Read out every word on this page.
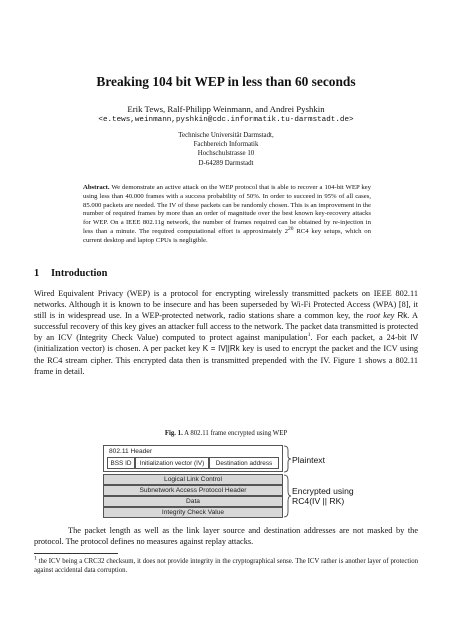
Breaking 104 bit WEP in less than 60 seconds
Erik Tews, Ralf-Philipp Weinmann, and Andrei Pyshkin
<e.tews,weinmann,pyshkin@cdc.informatik.tu-darmstadt.de>
Technische Universität Darmstadt,
Fachbereich Informatik
Hochschulstrasse 10
D-64289 Darmstadt
Abstract. We demonstrate an active attack on the WEP protocol that is able to recover a 104-bit WEP key using less than 40.000 frames with a success probability of 50%. In order to succeed in 95% of all cases, 85.000 packets are needed. The IV of these packets can be randomly chosen. This is an improvement in the number of required frames by more than an order of magnitude over the best known key-recovery attacks for WEP. On a IEEE 802.11g network, the number of frames required can be obtained by re-injection in less than a minute. The required computational effort is approximately $2^{20}$ RC4 key setups, which on current desktop and laptop CPUs is negligible.
1 Introduction
Wired Equivalent Privacy (WEP) is a protocol for encrypting wirelessly transmitted packets on IEEE 802.11 networks. Although it is known to be insecure and has been superseded by Wi-Fi Protected Access (WPA) [8], it still is in widespread use. In a WEP-protected network, radio stations share a common key, the root key Rk. A successful recovery of this key gives an attacker full access to the network. The packet data transmitted is protected by an ICV (Integrity Check Value) computed to protect against manipulation$^1$. For each packet, a 24-bit IV (initialization vector) is chosen. A per packet key K = IV||Rk key is used to encrypt the packet and the ICV using the RC4 stream cipher. This encrypted data then is transmitted prepended with the IV. Figure 1 shows a 802.11 frame in detail.
Fig. 1. A 802.11 frame encrypted using WEP
802.11 Header
BSS ID	Initialization vector (IV)	Destination address
Logical Link Control
Subnetwork Access Protocol Header
Data
Integrity Check Value
Plaintext
Encrypted using
RC4(IV || RK)
The packet length as well as the link layer source and destination addresses are not masked by the protocol. The protocol defines no measures against replay attacks.
$^1$ the ICV being a CRC32 checksum, it does not provide integrity in the cryptographical sense. The ICV rather is another layer of protection against accidental data corruption.
